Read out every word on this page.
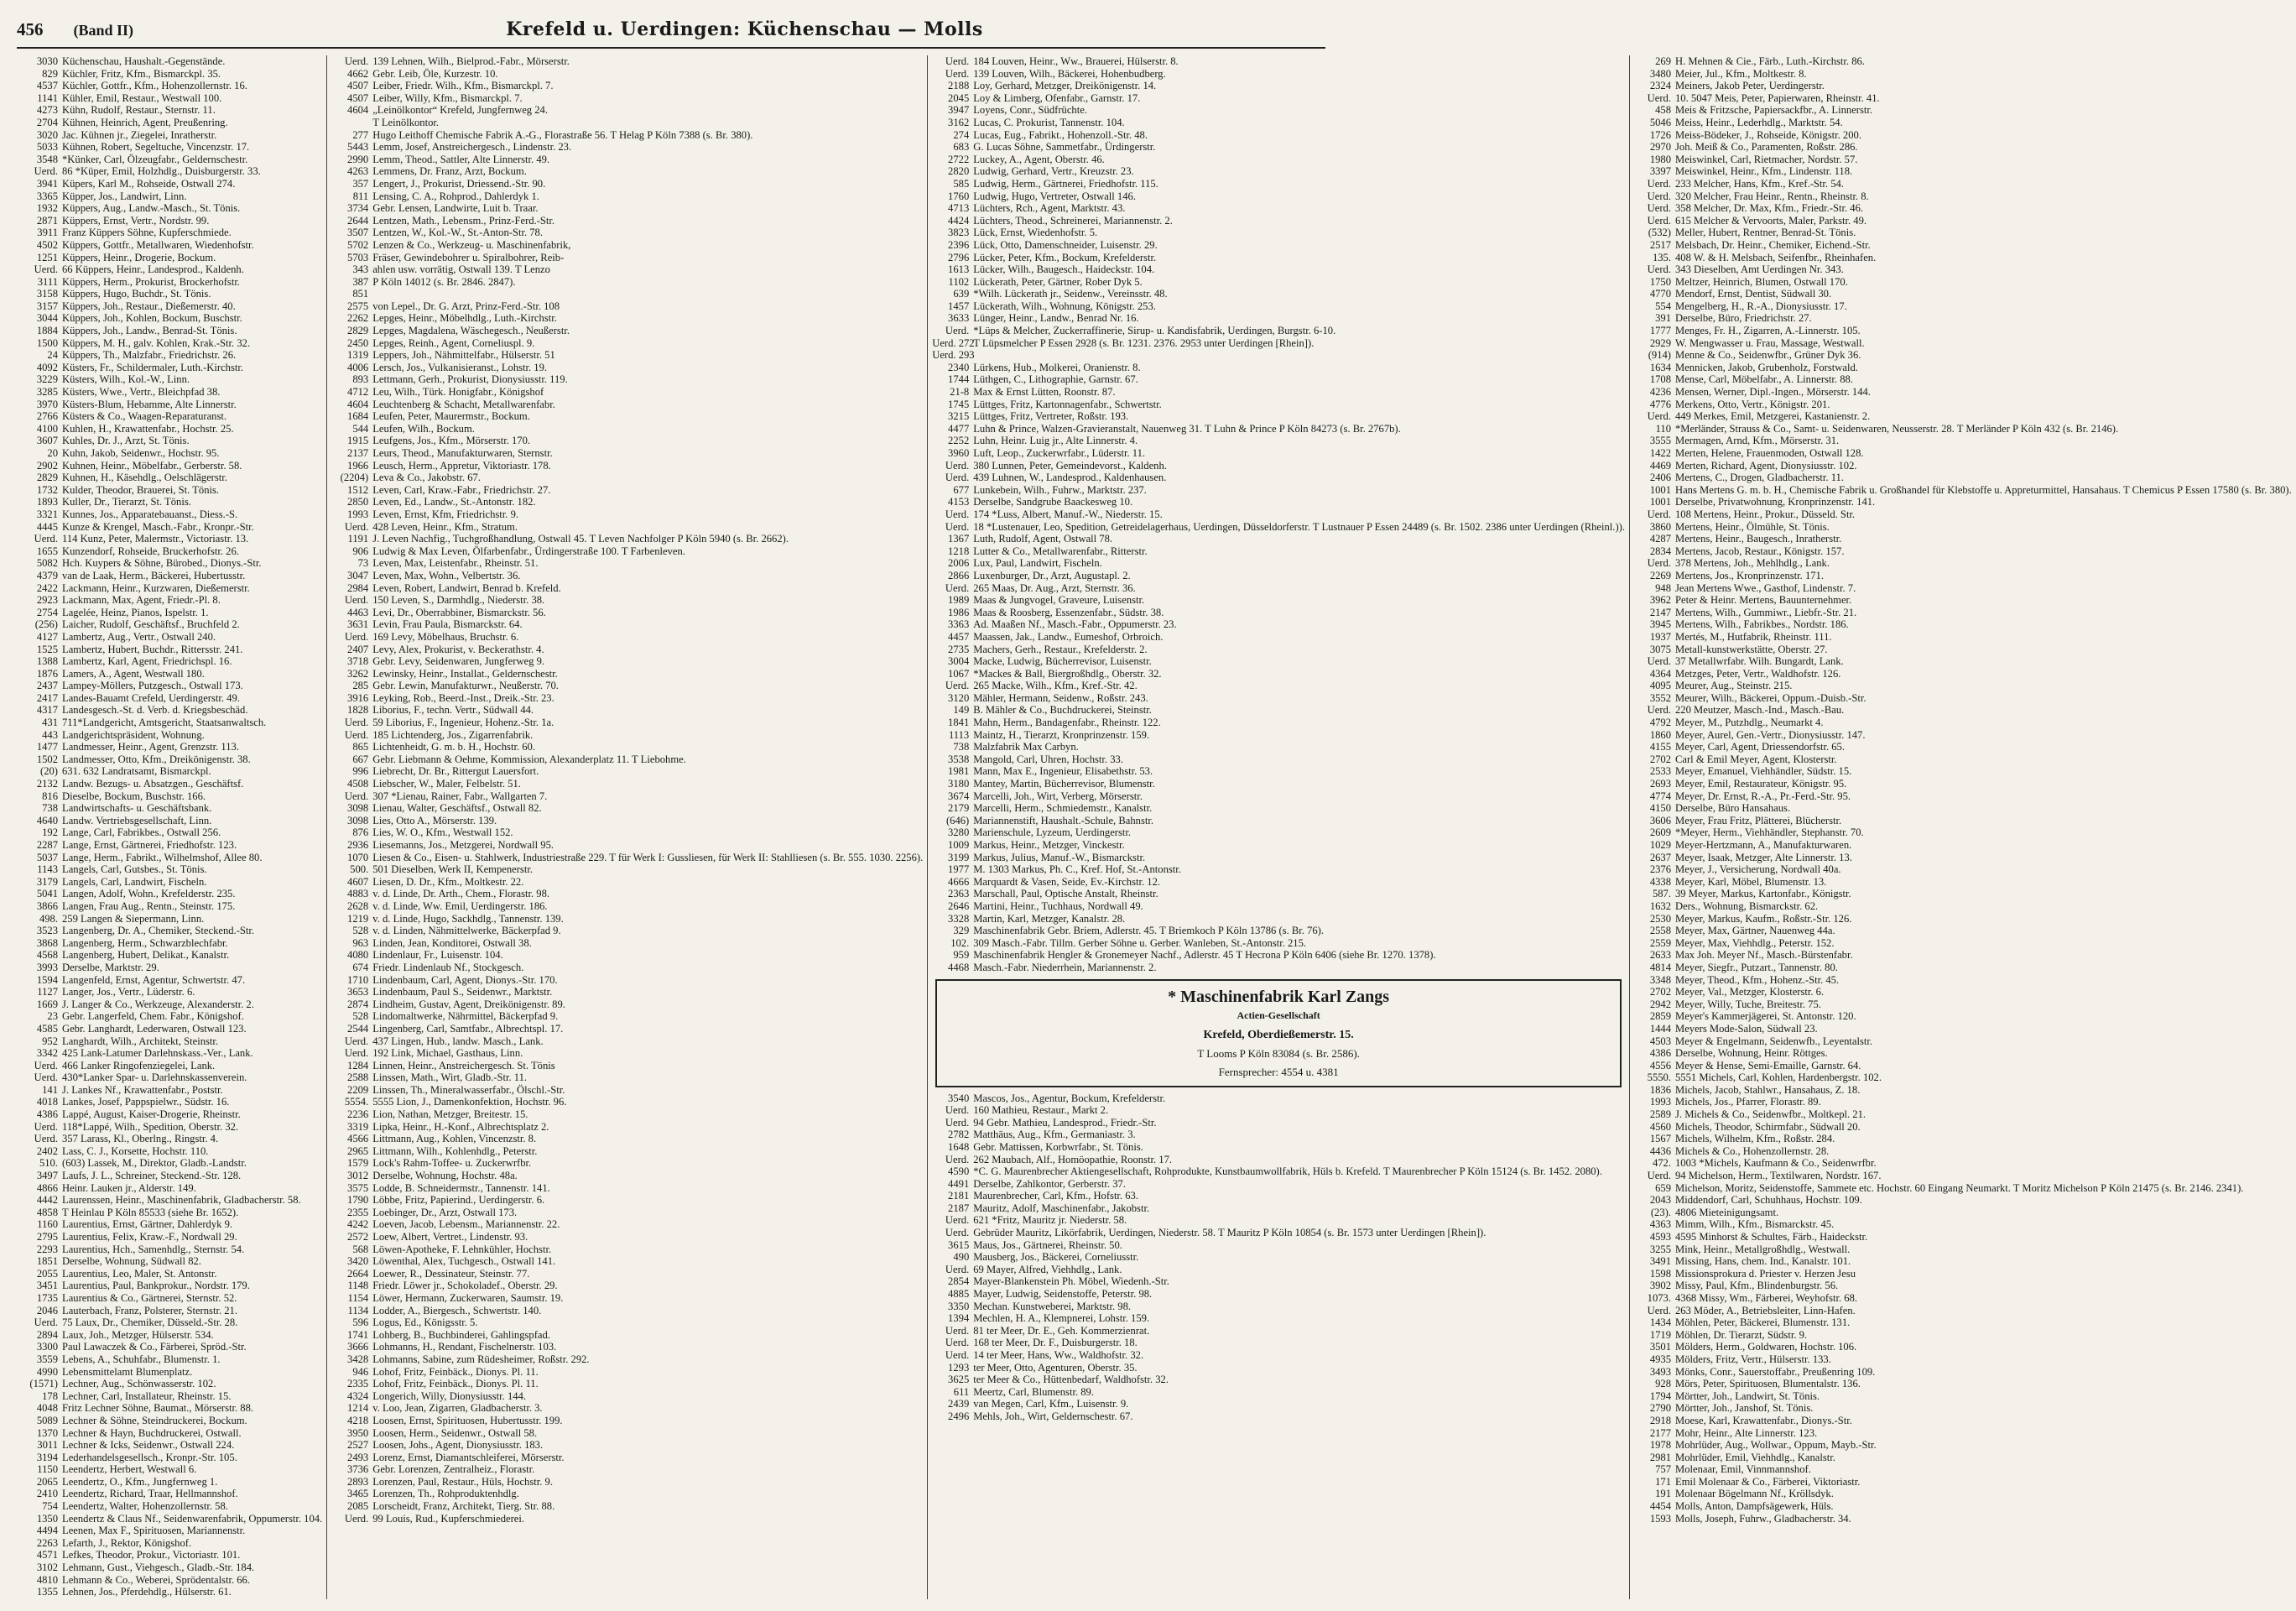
456 (Band II)	Krefeld u. Uerdingen: Küchenschau — Molls
3030 Küchenschau, Haushalt.-Gegenstände.
829 Küchler, Fritz, Kfm., Bismarckpl. 35.
4537 Küchler, Gottfr., Kfm., Hohenzollernstr. 16.
1141 Kühler, Emil, Restaur., Westwall 100.
4273 Kühn, Rudolf, Restaur., Sternstr. 11.
2704 Kühnen, Heinrich, Agent, Preußenring.
3020 Jac. Kühnen jr., Ziegelei, Inratherstr.
5033 Kühnen, Robert, Segeltuche, Vincenzstr. 17.
3548 *Künker, Carl, Ölzeugfabr., Geldernschestr.
Uerd. 86 *Küper, Emil, Holzhdlg., Duisburgerstr. 33.
3941 Küpers, Karl M., Rohseide, Ostwall 274.
3365 Küpper, Jos., Landwirt, Linn.
1932 Küppers, Aug., Landw.-Masch., St. Tönis.
2871 Küppers, Ernst, Vertr., Nordstr. 99.
3911 Franz Küppers Söhne, Kupferschmiede.
4502 Küppers, Gottfr., Metallwaren, Wiedenhofstr.
1251 Küppers, Heinr., Drogerie, Bockum.
Uerd. 66 Küppers, Heinr., Landesprod., Kaldenh.
3111 Küppers, Herm., Prokurist, Brockerhofstr.
3158 Küppers, Hugo, Buchdr., St. Tönis.
3157 Küppers, Joh., Restaur., Dießemerstr. 40.
3044 Küppers, Joh., Kohlen, Bockum, Buschstr.
1884 Küppers, Joh., Landw., Benrad-St. Tönis.
1500 Küppers, M. H., galv. Kohlen, Krak.-Str. 32.
24 Küppers, Th., Malzfabr., Friedrichstr. 26.
4092 Küsters, Fr., Schildermaler, Luth.-Kirchstr.
3229 Küsters, Wilh., Kol.-W., Linn.
3285 Küsters, Wwe., Vertr., Bleichpfad 38.
3970 Küsters-Blum, Hebamme, Alte Linnerstr.
2766 Küsters & Co., Waagen-Reparaturanst.
4100 Kuhlen, H., Krawattenfabr., Hochstr. 25.
3607 Kuhles, Dr. J., Arzt, St. Tönis.
20 Kuhn, Jakob, Seidenwr., Hochstr. 95.
2902 Kuhnen, Heinr., Möbelfabr., Gerberstr. 58.
2829 Kuhnen, H., Käsehdlg., Oelschlägerstr.
1732 Kulder, Theodor, Brauerei, St. Tönis.
1893 Kuller, Dr., Tierarzt, St. Tönis.
3321 Kunnes, Jos., Apparatebauanst., Diess.-S.
4445 Kunze & Krengel, Masch.-Fabr., Kronpr.-Str.
Uerd. 114 Kunz, Peter, Malermstr., Victoriastr. 13.
1655 Kunzendorf, Rohseide, Bruckerhofstr. 26.
5082 Hch. Kuypers & Söhne, Bürobed., Dionys.-Str.
4379 van de Laak, Herm., Bäckerei, Hubertusstr.
2422 Lackmann, Heinr., Kurzwaren, Dießemerstr.
2923 Lackmann, Max, Agent, Friedr.-Pl. 8.
2754 Lagelée, Heinz, Pianos, Ispelstr. 1.
(256) Laicher, Rudolf, Geschäftsf., Bruchfeld 2.
4127 Lambertz, Aug., Vertr., Ostwall 240.
1525 Lambertz, Hubert, Buchdr., Rittersstr. 241.
1388 Lambertz, Karl, Agent, Friedrichspl. 16.
1876 Lamers, A., Agent, Westwall 180.
2437 Lampey-Möllers, Putzgesch., Ostwall 173.
2417 Landes-Bauamt Crefeld, Uerdingerstr. 49.
4317 Landesgesch.-St. d. Verb. d. Kriegsbeschäd.
431 711*Landgericht, Amtsgericht, Staatsanwaltsch.
443 Landgerichtspräsident, Wohnung.
1477 Landmesser, Heinr., Agent, Grenzstr. 113.
1502 Landmesser, Otto, Kfm., Dreikönigenstr. 38.
(20) 631. 632 Landratsamt, Bismarckpl.
2132 Landw. Bezugs- u. Absatzgen., Geschäftsf.
816 Dieselbe, Bockum, Buschstr. 166.
738 Landwirtschafts- u. Geschäftsbank.
4640 Landw. Vertriebsgesellschaft, Linn.
192 Lange, Carl, Fabrikbes., Ostwall 256.
2287 Lange, Ernst, Gärtnerei, Friedhofstr. 123.
5037 Lange, Herm., Fabrikt., Wilhelmshof, Allee 80.
1143 Langels, Carl, Gutsbes., St. Tönis.
3179 Langels, Carl, Landwirt, Fischeln.
5041 Langen, Adolf, Wohn., Krefelderstr. 235.
3866 Langen, Frau Aug., Rentn., Steinstr. 175.
498. 259 Langen & Siepermann, Linn.
3523 Langenberg, Dr. A., Chemiker, Steckend.-Str.
3868 Langenberg, Herm., Schwarzblechfabr.
4568 Langenberg, Hubert, Delikat., Kanalstr.
3993 Derselbe, Marktstr. 29.
1594 Langenfeld, Ernst, Agentur, Schwertstr. 47.
1127 Langer, Jos., Vertr., Lüderstr. 6.
1669 J. Langer & Co., Werkzeuge, Alexanderstr. 2.
23 Gebr. Langerfeld, Chem. Fabr., Königshof.
4585 Gebr. Langhardt, Lederwaren, Ostwall 123.
952 Langhardt, Wilh., Architekt, Steinstr.
3342 425 Lank-Latumer Darlehnskass.-Ver., Lank.
Uerd. 466 Lanker Ringofenziegelei, Lank.
Uerd. 430*Lanker Spar- u. Darlehnskassenverein.
141 J. Lankes Nf., Krawattenfabr., Poststr.
4018 Lankes, Josef, Pappspielwr., Südstr. 16.
4386 Lappé, August, Kaiser-Drogerie, Rheinstr.
Uerd. 118*Lappé, Wilh., Spedition, Oberstr. 32.
Uerd. 357 Larass, Kl., Oberlng., Ringstr. 4.
2402 Lass, C. J., Korsette, Hochstr. 110.
510. (603) Lassek, M., Direktor, Gladb.-Landstr.
3497 Laufs, J. L., Schreiner, Steckend.-Str. 128.
4866 Heinr. Lauken jr., Alderstr. 149.
4442 Laurenssen, Heinr., Maschinenfabrik, Gladbacherstr. 58.
4858 T Heinlau P Köln 85533 (siehe Br. 1652).
1160 Laurentius, Ernst, Gärtner, Dahlerdyk 9.
2795 Laurentius, Felix, Kraw.-F., Nordwall 29.
2293 Laurentius, Hch., Samenhdlg., Sternstr. 54.
1851 Derselbe, Wohnung, Südwall 82.
2055 Laurentius, Leo, Maler, St. Antonstr.
3451 Laurentius, Paul, Bankprokur., Nordstr. 179.
1735 Laurentius & Co., Gärtnerei, Sternstr. 52.
2046 Lauterbach, Franz, Polsterer, Sternstr. 21.
Uerd. 75 Laux, Dr., Chemiker, Düsseld.-Str. 28.
2894 Laux, Joh., Metzger, Hülserstr. 534.
3300 Paul Lawaczek & Co., Färberei, Spröd.-Str.
3559 Lebens, A., Schuhfabr., Blumenstr. 1.
4990 Lebensmittelamt Blumenplatz.
(1571) Lechner, Aug., Schönwasserstr. 102.
178 Lechner, Carl, Installateur, Rheinstr. 15.
4048 Fritz Lechner Söhne, Baumat., Mörserstr. 88.
5089 Lechner & Söhne, Steindruckerei, Bockum.
1370 Lechner & Hayn, Buchdruckerei, Ostwall.
3011 Lechner & Icks, Seidenwr., Ostwall 224.
3194 Lederhandelsgesellsch., Kronpr.-Str. 105.
1150 Leendertz, Herbert, Westwall 6.
2065 Leendertz, O., Kfm., Jungfernweg 1.
2410 Leendertz, Richard, Traar, Hellmannshof.
754 Leendertz, Walter, Hohenzollernstr. 58.
1350 Leendertz & Claus Nf., Seidenwarenfabrik, Oppumerstr. 104.
4494 Leenen, Max F., Spirituosen, Mariannenstr.
2263 Lefarth, J., Rektor, Königshof.
4571 Lefkes, Theodor, Prokur., Victoriastr. 101.
3102 Lehmann, Gust., Viehgesch., Gladb.-Str. 184.
4810 Lehmann & Co., Weberei, Sprödentalstr. 66.
1355 Lehnen, Jos., Pferdehdlg., Hülserstr. 61.
Uerd. 139 Lehnen, Wilh., Bielprod.-Fabr., Mörserstr.
4662 Gebr. Leib, Öle, Kurzestr. 10.
4507 Leiber, Friedr. Wilh., Kfm., Bismarckpl. 7.
4507 Leiber, Willy, Kfm., Bismarckpl. 7.
4604 „Leinölkontor“ Krefeld, Jungfernweg 24.
T Leinölkontor.
277 Hugo Leithoff Chemische Fabrik A.-G., Florastraße 56. T Helag P Köln 7388 (s. Br. 380).
5443 Lemm, Josef, Anstreichergesch., Lindenstr. 23.
2990 Lemm, Theod., Sattler, Alte Linnerstr. 49.
4263 Lemmens, Dr. Franz, Arzt, Bockum.
357 Lengert, J., Prokurist, Driessend.-Str. 90.
811 Lensing, C. A., Rohprod., Dahlerdyk 1.
3734 Gebr. Lensen, Landwirte, Luit b. Traar.
2644 Lentzen, Math., Lebensm., Prinz-Ferd.-Str.
3507 Lentzen, W., Kol.-W., St.-Anton-Str. 78.
5702 Lenzen & Co., Werkzeug- u. Maschinenfabrik,
5703 Fräser, Gewindebohrer u. Spiralbohrer, Reib-
343 ahlen usw. vorrätig, Ostwall 139. T Lenzo
387 P Köln 14012 (s. Br. 2846. 2847).
851
2575 von Lepel., Dr. G. Arzt, Prinz-Ferd.-Str. 108
2262 Lepges, Heinr., Möbelhdlg., Luth.-Kirchstr.
2829 Lepges, Magdalena, Wäschegesch., Neußerstr.
2450 Lepges, Reinh., Agent, Corneliuspl. 9.
1319 Leppers, Joh., Nähmittelfabr., Hülserstr. 51
4006 Lersch, Jos., Vulkanisieranst., Lohstr. 19.
893 Lettmann, Gerh., Prokurist, Dionysiusstr. 119.
4712 Leu, Wilh., Türk. Honigfabr., Königshof
4604 Leuchtenberg & Schacht, Metallwarenfabr.
1684 Leufen, Peter, Maurermstr., Bockum.
544 Leufen, Wilh., Bockum.
1915 Leufgens, Jos., Kfm., Mörserstr. 170.
2137 Leurs, Theod., Manufakturwaren, Sternstr.
1966 Leusch, Herm., Appretur, Viktoriastr. 178.
(2204) Leva & Co., Jakobstr. 67.
1512 Leven, Carl, Kraw.-Fabr., Friedrichstr. 27.
2850 Leven, Ed., Landw., St.-Antonstr. 182.
1993 Leven, Ernst, Kfm, Friedrichstr. 9.
Uerd. 428 Leven, Heinr., Kfm., Stratum.
1191 J. Leven Nachfig., Tuchgroßhandlung, Ostwall 45. T Leven Nachfolger P Köln 5940 (s. Br. 2662).
906 Ludwig & Max Leven, Ölfarbenfabr., Ürdingerstraße 100. T Farbenleven.
73 Leven, Max, Leistenfabr., Rheinstr. 51.
3047 Leven, Max, Wohn., Velbertstr. 36.
2984 Leven, Robert, Landwirt, Benrad b. Krefeld.
Uerd. 150 Leven, S., Darmhdlg., Niederstr. 38.
4463 Levi, Dr., Oberrabbiner, Bismarckstr. 56.
3631 Levin, Frau Paula, Bismarckstr. 64.
Uerd. 169 Levy, Möbelhaus, Bruchstr. 6.
2407 Levy, Alex, Prokurist, v. Beckerathstr. 4.
3718 Gebr. Levy, Seidenwaren, Jungferweg 9.
3262 Lewinsky, Heinr., Installat., Geldernschestr.
285 Gebr. Lewin, Manufakturwr., Neußerstr. 70.
3916 Leyking, Rob., Beerd.-Inst., Dreik.-Str. 23.
1828 Liborius, F., techn. Vertr., Südwall 44.
Uerd. 59 Liborius, F., Ingenieur, Hohenz.-Str. 1a.
Uerd. 185 Lichtenderg, Jos., Zigarrenfabrik.
865 Lichtenheidt, G. m. b. H., Hochstr. 60.
667 Gebr. Liebmann & Oehme, Kommission, Alexanderplatz 11. T Liebohme.
996 Liebrecht, Dr. Br., Rittergut Lauersfort.
4508 Liebscher, W., Maler, Felbelstr. 51.
Uerd. 307 *Lienau, Rainer, Fabr., Wallgarten 7.
3098 Lienau, Walter, Geschäftsf., Ostwall 82.
3098 Lies, Otto A., Mörserstr. 139.
876 Lies, W. O., Kfm., Westwall 152.
2936 Liesemanns, Jos., Metzgerei, Nordwall 95.
1070 Liesen & Co., Eisen- u. Stahlwerk, Industriestraße 229. T für Werk I: Gussliesen, für Werk II: Stahlliesen (s. Br. 555. 1030. 2256).
500. 501 Dieselben, Werk II, Kempenerstr.
4607 Liesen, D. Dr., Kfm., Moltkestr. 22.
4883 v. d. Linde, Dr. Arth., Chem., Florastr. 98.
2628 v. d. Linde, Ww. Emil, Uerdingerstr. 186.
1219 v. d. Linde, Hugo, Sackhdlg., Tannenstr. 139.
528 v. d. Linden, Nähmittelwerke, Bäckerpfad 9.
963 Linden, Jean, Konditorei, Ostwall 38.
4080 Lindenlaur, Fr., Luisenstr. 104.
674 Friedr. Lindenlaub Nf., Stockgesch.
1710 Lindenbaum, Carl, Agent, Dionys.-Str. 170.
3653 Lindenbaum, Paul S., Seidenwr., Marktstr.
2874 Lindheim, Gustav, Agent, Dreikönigenstr. 89.
528 Lindomaltwerke, Nährmittel, Bäckerpfad 9.
2544 Lingenberg, Carl, Samtfabr., Albrechtspl. 17.
Uerd. 437 Lingen, Hub., landw. Masch., Lank.
Uerd. 192 Link, Michael, Gasthaus, Linn.
1284 Linnen, Heinr., Anstreichergesch. St. Tönis
2588 Linssen, Math., Wirt, Gladb.-Str. 11.
2209 Linssen, Th., Mineralwasserfabr., Ölschl.-Str.
5554. 5555 Lion, J., Damenkonfektion, Hochstr. 96.
2236 Lion, Nathan, Metzger, Breitestr. 15.
3319 Lipka, Heinr., H.-Konf., Albrechtsplatz 2.
4566 Littmann, Aug., Kohlen, Vincenzstr. 8.
2965 Littmann, Wilh., Kohlenhdlg., Peterstr.
1579 Lock's Rahm-Toffee- u. Zuckerwrfbr.
3012 Derselbe, Wohnung, Hochstr. 48a.
3575 Lodde, B. Schneidermstr., Tannenstr. 141.
1790 Löbbe, Fritz, Papierind., Uerdingerstr. 6.
2355 Loebinger, Dr., Arzt, Ostwall 173.
4242 Loeven, Jacob, Lebensm., Mariannenstr. 22.
2572 Loew, Albert, Vertret., Lindenstr. 93.
568 Löwen-Apotheke, F. Lehnkühler, Hochstr.
3420 Löwenthal, Alex, Tuchgesch., Ostwall 141.
2664 Loewer, R., Dessinateur, Steinstr. 77.
1148 Friedr. Löwer jr., Schokoladef., Oberstr. 29.
1154 Löwer, Hermann, Zuckerwaren, Saumstr. 19.
1134 Lodder, A., Biergesch., Schwertstr. 140.
596 Logus, Ed., Königsstr. 5.
1741 Lohberg, B., Buchbinderei, Gahlingspfad.
3666 Lohmanns, H., Rendant, Fischelnerstr. 103.
3428 Lohmanns, Sabine, zum Rüdesheimer, Roßstr. 292.
946 Lohof, Fritz, Feinbäck., Dionys. Pl. 11.
2335 Lohof, Fritz, Feinbäck., Dionys. Pl. 11.
4324 Longerich, Willy, Dionysiusstr. 144.
1214 v. Loo, Jean, Zigarren, Gladbacherstr. 3.
4218 Loosen, Ernst, Spirituosen, Hubertusstr. 199.
3950 Loosen, Herm., Seidenwr., Ostwall 58.
2527 Loosen, Johs., Agent, Dionysiusstr. 183.
2493 Lorenz, Ernst, Diamantschleiferei, Mörserstr.
3736 Gebr. Lorenzen, Zentralheiz., Florastr.
2893 Lorenzen, Paul, Restaur., Hüls, Hochstr. 9.
3465 Lorenzen, Th., Rohproduktenhdlg.
2085 Lorscheidt, Franz, Architekt, Tierg. Str. 88.
Uerd. 99 Louis, Rud., Kupferschmiederei.
Uerd. 184 Louven, Heinr., Ww., Brauerei, Hülserstr. 8.
Uerd. 139 Louven, Wilh., Bäckerei, Hohenbudberg.
2188 Loy, Gerhard, Metzger, Dreikönigenstr. 14.
2045 Loy & Limberg, Ofenfabr., Garnstr. 17.
3947 Loyens, Conr., Südfrüchte.
3162 Lucas, C. Prokurist, Tannenstr. 104.
274 Lucas, Eug., Fabrikt., Hohenzoll.-Str. 48.
683 G. Lucas Söhne, Sammetfabr., Ürdingerstr.
2722 Luckey, A., Agent, Oberstr. 46.
2820 Ludwig, Gerhard, Vertr., Kreuzstr. 23.
585 Ludwig, Herm., Gärtnerei, Friedhofstr. 115.
1760 Ludwig, Hugo, Vertreter, Ostwall 146.
4713 Lüchters, Rch., Agent, Marktstr. 43.
4424 Lüchters, Theod., Schreinerei, Mariannenstr. 2.
3823 Lück, Ernst, Wiedenhofstr. 5.
2396 Lück, Otto, Damenschneider, Luisenstr. 29.
2796 Lücker, Peter, Kfm., Bockum, Krefelderstr.
1613 Lücker, Wilh., Baugesch., Haideckstr. 104.
1102 Lückerath, Peter, Gärtner, Rober Dyk 5.
639 *Wilh. Lückerath jr., Seidenw., Vereinsstr. 48.
1457 Lückerath, Wilh., Wohnung, Königstr. 253.
3633 Lünger, Heinr., Landw., Benrad Nr. 16.
Uerd. *Lüps & Melcher, Zuckerraffinerie, Sirup- u. Kandisfabrik, Uerdingen, Burgstr. 6-10.
Uerd. 272
T Lüpsmelcher P Essen 2928 (s. Br. 1231. 2376. 2953 unter Uerdingen [Rhein]).
Uerd. 293
2340 Lürkens, Hub., Molkerei, Oranienstr. 8.
1744 Lüthgen, C., Lithographie, Garnstr. 67.
21-8 Max & Ernst Lütten, Roonstr. 87.
1745 Lüttges, Fritz, Kartonnagenfabr., Schwertstr.
3215 Lüttges, Fritz, Vertreter, Roßstr. 193.
4477 Luhn & Prince, Walzen-Gravieranstalt, Nauenweg 31. T Luhn & Prince P Köln 84273 (s. Br. 2767b).
2252 Luhn, Heinr. Luig jr., Alte Linnerstr. 4.
3960 Luft, Leop., Zuckerwrfabr., Lüderstr. 11.
Uerd. 380 Lunnen, Peter, Gemeindevorst., Kaldenh.
Uerd. 439 Luhnen, W., Landesprod., Kaldenhausen.
677 Lunkebein, Wilh., Fuhrw., Marktstr. 237.
4153 Derselbe, Sandgrube Baackesweg 10.
Uerd. 174 *Luss, Albert, Manuf.-W., Niederstr. 15.
Uerd. 18 *Lustenauer, Leo, Spedition, Getreidelagerhaus, Uerdingen, Düsseldorferstr. T Lustnauer P Essen 24489 (s. Br. 1502. 2386 unter Uerdingen (Rheinl.)).
1367 Luth, Rudolf, Agent, Ostwall 78.
1218 Lutter & Co., Metallwarenfabr., Ritterstr.
2006 Lux, Paul, Landwirt, Fischeln.
2866 Luxenburger, Dr., Arzt, Augustapl. 2.
Uerd. 265 Maas, Dr. Aug., Arzt, Sternstr. 36.
1989 Maas & Jungvogel, Graveure, Luisenstr.
1986 Maas & Roosberg, Essenzenfabr., Südstr. 38.
3363 Ad. Maaßen Nf., Masch.-Fabr., Oppumerstr. 23.
4457 Maassen, Jak., Landw., Eumeshof, Orbroich.
2735 Machers, Gerh., Restaur., Krefelderstr. 2.
3004 Macke, Ludwig, Bücherrevisor, Luisenstr.
1067 *Mackes & Ball, Biergroßhdlg., Oberstr. 32.
Uerd. 265 Macke, Wilh., Kfm., Kref.-Str. 42.
3120 Mähler, Hermann, Seidenw., Roßstr. 243.
149 B. Mähler & Co., Buchdruckerei, Steinstr.
1841 Mahn, Herm., Bandagenfabr., Rheinstr. 122.
1113 Maintz, H., Tierarzt, Kronprinzenstr. 159.
738 Malzfabrik Max Carbyn.
3538 Mangold, Carl, Uhren, Hochstr. 33.
1981 Mann, Max E., Ingenieur, Elisabethstr. 53.
3180 Mantey, Martin, Bücherrevisor, Blumenstr.
3674 Marcelli, Joh., Wirt, Verberg, Mörserstr.
2179 Marcelli, Herm., Schmiedemstr., Kanalstr.
(646) Mariannenstift, Haushalt.-Schule, Bahnstr.
3280 Marienschule, Lyzeum, Uerdingerstr.
1009 Markus, Heinr., Metzger, Vinckestr.
3199 Markus, Julius, Manuf.-W., Bismarckstr.
1977 M. 1303 Markus, Ph. C., Kref. Hof, St.-Antonstr.
4666 Marquardt & Vasen, Seide, Ev.-Kirchstr. 12.
2363 Marschall, Paul, Optische Anstalt, Rheinstr.
2646 Martini, Heinr., Tuchhaus, Nordwall 49.
3328 Martin, Karl, Metzger, Kanalstr. 28.
329 Maschinenfabrik Gebr. Briem, Adlerstr. 45. T Briemkoch P Köln 13786 (s. Br. 76).
102. 309 Masch.-Fabr. Tillm. Gerber Söhne u. Gerber. Wanleben, St.-Antonstr. 215.
959 Maschinenfabrik Hengler & Gronemeyer Nachf., Adlerstr. 45 T Hecrona P Köln 6406 (siehe Br. 1270. 1378).
4468 Masch.-Fabr. Niederrhein, Mariannenstr. 2.
* Maschinenfabrik Karl Zangs
Actien-Gesellschaft
Krefeld, Oberdießemerstr. 15.
T Looms P Köln 83084 (s. Br. 2586).
Fernsprecher: 4554 u. 4381
3540 Mascos, Jos., Agentur, Bockum, Krefelderstr.
Uerd. 160 Mathieu, Restaur., Markt 2.
Uerd. 94 Gebr. Mathieu, Landesprod., Friedr.-Str.
2782 Matthäus, Aug., Kfm., Germaniastr. 3.
1648 Gebr. Mattissen, Korbwrfabr., St. Tönis.
Uerd. 262 Maubach, Alf., Homöopathie, Roonstr. 17.
4590 *C. G. Maurenbrecher Aktiengesellschaft, Rohprodukte, Kunstbaumwollfabrik, Hüls b. Krefeld. T Maurenbrecher P Köln 15124 (s. Br. 1452. 2080).
4491 Derselbe, Zahlkontor, Gerberstr. 37.
2181 Maurenbrecher, Carl, Kfm., Hofstr. 63.
2187 Mauritz, Adolf, Maschinenfabr., Jakobstr.
Uerd. 621 *Fritz, Mauritz jr. Niederstr. 58.
Uerd. Gebrüder Mauritz, Likörfabrik, Uerdingen, Niederstr. 58. T Mauritz P Köln 10854 (s. Br. 1573 unter Uerdingen [Rhein]).
3615 Maus, Jos., Gärtnerei, Rheinstr. 50.
490 Mausberg, Jos., Bäckerei, Corneliusstr.
Uerd. 69 Mayer, Alfred, Viehhdlg., Lank.
2854 Mayer-Blankenstein Ph. Möbel, Wiedenh.-Str.
4885 Mayer, Ludwig, Seidenstoffe, Peterstr. 98.
3350 Mechan. Kunstweberei, Marktstr. 98.
1394 Mechlen, H. A., Klempnerei, Lohstr. 159.
Uerd. 81 ter Meer, Dr. E., Geh. Kommerzienrat.
Uerd. 168 ter Meer, Dr. F., Duisburgerstr. 18.
Uerd. 14 ter Meer, Hans, Ww., Waldhofstr. 32.
1293 ter Meer, Otto, Agenturen, Oberstr. 35.
3625 ter Meer & Co., Hüttenbedarf, Waldhofstr. 32.
611 Meertz, Carl, Blumenstr. 89.
2439 van Megen, Carl, Kfm., Luisenstr. 9.
2496 Mehls, Joh., Wirt, Geldernschestr. 67.
269 H. Mehnen & Cie., Färb., Luth.-Kirchstr. 86.
3480 Meier, Jul., Kfm., Moltkestr. 8.
2324 Meiners, Jakob Peter, Uerdingerstr.
Uerd. 10. 5047 Meis, Peter, Papierwaren, Rheinstr. 41.
458 Meis & Fritzsche, Papiersackfbr., A. Linnerstr.
5046 Meiss, Heinr., Lederhdlg., Marktstr. 54.
1726 Meiss-Bödeker, J., Rohseide, Königstr. 200.
2970 Joh. Meiß & Co., Paramenten, Roßstr. 286.
1980 Meiswinkel, Carl, Rietmacher, Nordstr. 57.
3397 Meiswinkel, Heinr., Kfm., Lindenstr. 118.
Uerd. 233 Melcher, Hans, Kfm., Kref.-Str. 54.
Uerd. 320 Melcher, Frau Heinr., Rentn., Rheinstr. 8.
Uerd. 358 Melcher, Dr. Max, Kfm., Friedr.-Str. 46.
Uerd. 615 Melcher & Vervoorts, Maler, Parkstr. 49.
(532) Meller, Hubert, Rentner, Benrad-St. Tönis.
2517 Melsbach, Dr. Heinr., Chemiker, Eichend.-Str.
135. 408 W. & H. Melsbach, Seifenfbr., Rheinhafen.
Uerd. 343 Dieselben, Amt Uerdingen Nr. 343.
1750 Meltzer, Heinrich, Blumen, Ostwall 170.
4770 Mendorf, Ernst, Dentist, Südwall 30.
554 Mengelberg, H., R.-A., Dionysiusstr. 17.
391 Derselbe, Büro, Friedrichstr. 27.
1777 Menges, Fr. H., Zigarren, A.-Linnerstr. 105.
2929 W. Mengwasser u. Frau, Massage, Westwall.
(914) Menne & Co., Seidenwfbr., Grüner Dyk 36.
1634 Mennicken, Jakob, Grubenholz, Forstwald.
1708 Mense, Carl, Möbelfabr., A. Linnerstr. 88.
4236 Mensen, Werner, Dipl.-Ingen., Mörserstr. 144.
4776 Merkens, Otto, Vertr., Königstr. 201.
Uerd. 449 Merkes, Emil, Metzgerei, Kastanienstr. 2.
110 *Merländer, Strauss & Co., Samt- u. Seidenwaren, Neusserstr. 28. T Merländer P Köln 432 (s. Br. 2146).
3555 Mermagen, Arnd, Kfm., Mörserstr. 31.
1422 Merten, Helene, Frauenmoden, Ostwall 128.
4469 Merten, Richard, Agent, Dionysiusstr. 102.
2406 Mertens, C., Drogen, Gladbacherstr. 11.
1001 Hans Mertens G. m. b. H., Chemische Fabrik u. Großhandel für Klebstoffe u. Appreturmittel, Hansahaus. T Chemicus P Essen 17580 (s. Br. 380).
1001 Derselbe, Privatwohnung, Kronprinzenstr. 141.
Uerd. 108 Mertens, Heinr., Prokur., Düsseld. Str.
3860 Mertens, Heinr., Ölmühle, St. Tönis.
4287 Mertens, Heinr., Baugesch., Inratherstr.
2834 Mertens, Jacob, Restaur., Königstr. 157.
Uerd. 378 Mertens, Joh., Mehlhdlg., Lank.
2269 Mertens, Jos., Kronprinzenstr. 171.
948 Jean Mertens Wwe., Gasthof, Lindenstr. 7.
3962 Peter & Heinr. Mertens, Bauunternehmer.
2147 Mertens, Wilh., Gummiwr., Liebfr.-Str. 21.
3945 Mertens, Wilh., Fabrikbes., Nordstr. 186.
1937 Mertés, M., Hutfabrik, Rheinstr. 111.
3075 Metall-kunstwerkstätte, Oberstr. 27.
Uerd. 37 Metallwrfabr. Wilh. Bungardt, Lank.
4364 Metzges, Peter, Vertr., Waldhofstr. 126.
4095 Meurer, Aug., Steinstr. 215.
3552 Meurer, Wilh., Bäckerei, Oppum.-Duisb.-Str.
Uerd. 220 Meutzer, Masch.-Ind., Masch.-Bau.
4792 Meyer, M., Putzhdlg., Neumarkt 4.
1860 Meyer, Aurel, Gen.-Vertr., Dionysiusstr. 147.
4155 Meyer, Carl, Agent, Driessendorfstr. 65.
2702 Carl & Emil Meyer, Agent, Klosterstr.
2533 Meyer, Emanuel, Viehhändler, Südstr. 15.
2693 Meyer, Emil, Restaurateur, Königstr. 95.
4774 Meyer, Dr. Ernst, R.-A., Pr.-Ferd.-Str. 95.
4150 Derselbe, Büro Hansahaus.
3606 Meyer, Frau Fritz, Plätterei, Blücherstr.
2609 *Meyer, Herm., Viehhändler, Stephanstr. 70.
1029 Meyer-Hertzmann, A., Manufakturwaren.
2637 Meyer, Isaak, Metzger, Alte Linnerstr. 13.
2376 Meyer, J., Versicherung, Nordwall 40a.
4338 Meyer, Karl, Möbel, Blumenstr. 13.
587. 39 Meyer, Markus, Kartonfabr., Königstr.
1632 Ders., Wohnung, Bismarckstr. 62.
2530 Meyer, Markus, Kaufm., Roßstr.-Str. 126.
2558 Meyer, Max, Gärtner, Nauenweg 44a.
2559 Meyer, Max, Viehhdlg., Peterstr. 152.
2633 Max Joh. Meyer Nf., Masch.-Bürstenfabr.
4814 Meyer, Siegfr., Putzart., Tannenstr. 80.
3348 Meyer, Theod., Kfm., Hohenz.-Str. 45.
2702 Meyer, Val., Metzger, Klosterstr. 6.
2942 Meyer, Willy, Tuche, Breitestr. 75.
2859 Meyer's Kammerjägerei, St. Antonstr. 120.
1444 Meyers Mode-Salon, Südwall 23.
4503 Meyer & Engelmann, Seidenwfb., Leyentalstr.
4386 Derselbe, Wohnung, Heinr. Röttges.
4556 Meyer & Hense, Semi-Emaille, Garnstr. 64.
5550. 5551 Michels, Carl, Kohlen, Hardenbergstr. 102.
1836 Michels, Jacob, Stahlwr., Hansahaus, Z. 18.
1993 Michels, Jos., Pfarrer, Florastr. 89.
2589 J. Michels & Co., Seidenwfbr., Moltkepl. 21.
4560 Michels, Theodor, Schirmfabr., Südwall 20.
1567 Michels, Wilhelm, Kfm., Roßstr. 284.
4436 Michels & Co., Hohenzollernstr. 28.
472. 1003 *Michels, Kaufmann & Co., Seidenwrfbr.
Uerd. 94 Michelson, Herm., Textilwaren, Nordstr. 167.
659 Michelson, Moritz, Seidenstoffe, Sammete etc. Hochstr. 60 Eingang Neumarkt. T Moritz Michelson P Köln 21475 (s. Br. 2146. 2341).
2043 Middendorf, Carl, Schuhhaus, Hochstr. 109.
(23). 4806 Mieteinigungsamt.
4363 Mimm, Wilh., Kfm., Bismarckstr. 45.
4593 4595 Minhorst & Schultes, Färb., Haideckstr.
3255 Mink, Heinr., Metallgroßhdlg., Westwall.
3491 Missing, Hans, chem. Ind., Kanalstr. 101.
1598 Missionsprokura d. Priester v. Herzen Jesu
3902 Missy, Paul, Kfm., Blindenburgstr. 56.
1073. 4368 Missy, Wm., Färberei, Weyhofstr. 68.
Uerd. 263 Möder, A., Betriebsleiter, Linn-Hafen.
1434 Möhlen, Peter, Bäckerei, Blumenstr. 131.
1719 Möhlen, Dr. Tierarzt, Südstr. 9.
3501 Mölders, Herm., Goldwaren, Hochstr. 106.
4935 Mölders, Fritz, Vertr., Hülserstr. 133.
3493 Mönks, Conr., Sauerstoffabr., Preußenring 109.
928 Mörs, Peter, Spirituosen, Blumentalstr. 136.
1794 Mörtter, Joh., Landwirt, St. Tönis.
2790 Mörtter, Joh., Janshof, St. Tönis.
2918 Moese, Karl, Krawattenfabr., Dionys.-Str.
2177 Mohr, Heinr., Alte Linnerstr. 123.
1978 Mohrlüder, Aug., Wollwar., Oppum, Mayb.-Str.
2981 Mohrlüder, Emil, Viehhdlg., Kanalstr.
757 Molenaar, Emil, Vinnmannshof.
171 Emil Molenaar & Co., Färberei, Viktoriastr.
191 Molenaar Bögelmann Nf., Kröllsdyk.
4454 Molls, Anton, Dampfsägewerk, Hüls.
1593 Molls, Joseph, Fuhrw., Gladbacherstr. 34.
